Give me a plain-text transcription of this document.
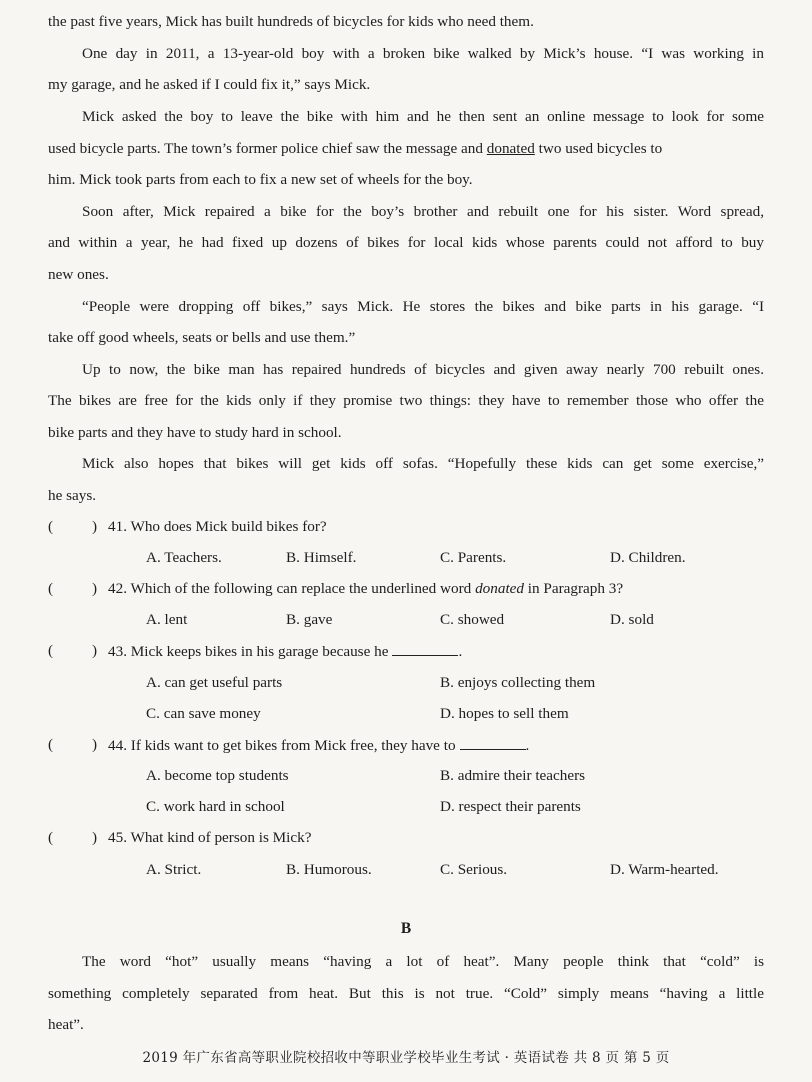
the past five years, Mick has built hundreds of bicycles for kids who need them.
One day in 2011, a 13-year-old boy with a broken bike walked by Mick’s house. “I was working in
my garage, and he asked if I could fix it,” says Mick.
Mick asked the boy to leave the bike with him and he then sent an online message to look for some
used bicycle parts. The town’s former police chief saw the message and donated two used bicycles to
him. Mick took parts from each to fix a new set of wheels for the boy.
Soon after, Mick repaired a bike for the boy’s brother and rebuilt one for his sister. Word spread,
and within a year, he had fixed up dozens of bikes for local kids whose parents could not afford to buy
new ones.
“People were dropping off bikes,” says Mick. He stores the bikes and bike parts in his garage. “I
take off good wheels, seats or bells and use them.”
Up to now, the bike man has repaired hundreds of bicycles and given away nearly 700 rebuilt ones.
The bikes are free for the kids only if they promise two things: they have to remember those who offer the
bike parts and they have to study hard in school.
Mick also hopes that bikes will get kids off sofas. “Hopefully these kids can get some exercise,”
he says.
(	) 41. Who does Mick build bikes for?
A. Teachers.	B. Himself.	C. Parents.	D. Children.
(	) 42. Which of the following can replace the underlined word donated in Paragraph 3?
A. lent	B. gave	C. showed	D. sold
(	) 43. Mick keeps bikes in his garage because he	.
A. can get useful parts	B. enjoys collecting them
C. can save money	D. hopes to sell them
(	) 44. If kids want to get bikes from Mick free, they have to	.
A. become top students	B. admire their teachers
C. work hard in school	D. respect their parents
(	) 45. What kind of person is Mick?
A. Strict.	B. Humorous.	C. Serious.	D. Warm-hearted.
B
The word “hot” usually means “having a lot of heat”. Many people think that “cold” is
something completely separated from heat. But this is not true. “Cold” simply means “having a little
heat”.
2019 年广东省高等职业院校招收中等职业学校毕业生考试 · 英语试卷 共 8 页 第 5 页
